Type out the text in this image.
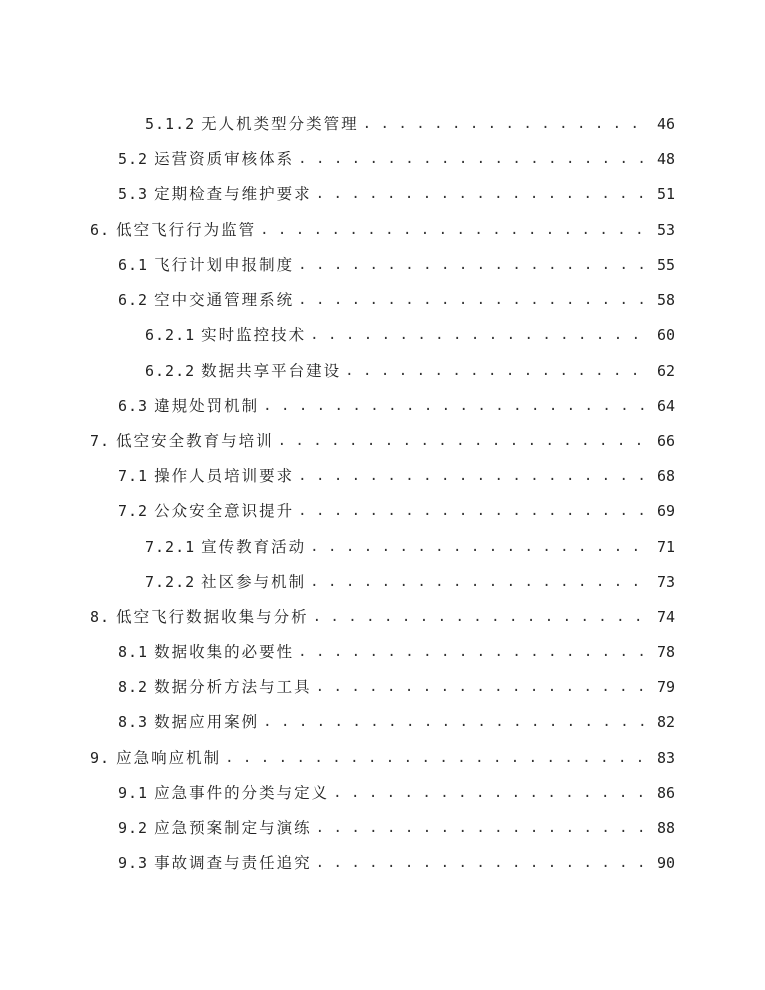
5.1.2 无人机类型分类管理 . . .	46
5.2 运营资质审核体系 . . .	48
5.3 定期检查与维护要求 . . .	51
6. 低空飞行行为监管 . . .	53
6.1 飞行计划申报制度 . . .	55
6.2 空中交通管理系统 . . .	58
6.2.1 实时监控技术 . . .	60
6.2.2 数据共享平台建设 . . .	62
6.3 違規处罚机制 . . .	64
7. 低空安全教育与培训 . . .	66
7.1 操作人员培训要求 . . .	68
7.2 公众安全意识提升 . . .	69
7.2.1 宣传教育活动 . . .	71
7.2.2 社区参与机制 . . .	73
8. 低空飞行数据收集与分析 . . .	74
8.1 数据收集的必要性 . . .	78
8.2 数据分析方法与工具 . . .	79
8.3 数据应用案例 . . .	82
9. 应急响应机制 . . .	83
9.1 应急事件的分类与定义 . . .	86
9.2 应急预案制定与演练 . . .	88
9.3 事故调查与责任追究 . . .	90
